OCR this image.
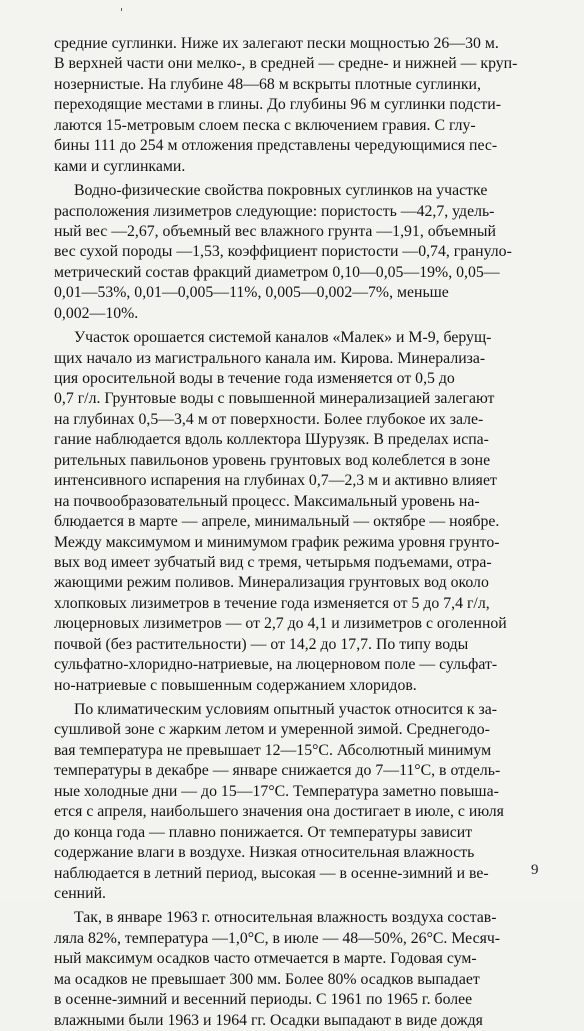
'
средние суглинки. Ниже их залегают пески мощностью 26—30 м.
В верхней части они мелко-, в средней — средне- и нижней — круп-
нозернистые. На глубине 48—68 м вскрыты плотные суглинки,
переходящие местами в глины. До глубины 96 м суглинки подсти-
лаются 15-метровым слоем песка с включением гравия. С глу-
бины 111 до 254 м отложения представлены чередующимися пес-
ками и суглинками.
Водно-физические свойства покровных суглинков на участке
расположения лизиметров следующие: пористость —42,7, удель-
ный вес —2,67, объемный вес влажного грунта —1,91, объемный
вес сухой породы —1,53, коэффициент пористости —0,74, грануло-
метрический состав фракций диаметром 0,10—0,05—19%, 0,05—
0,01—53%, 0,01—0,005—11%, 0,005—0,002—7%, меньше
0,002—10%.
Участок орошается системой каналов «Малек» и М-9, берущ-
щих начало из магистрального канала им. Кирова. Минерализа-
ция оросительной воды в течение года изменяется от 0,5 до
0,7 г/л. Грунтовые воды с повышенной минерализацией залегают
на глубинах 0,5—3,4 м от поверхности. Более глубокое их зале-
гание наблюдается вдоль коллектора Шурузяк. В пределах испа-
рительных павильонов уровень грунтовых вод колеблется в зоне
интенсивного испарения на глубинах 0,7—2,3 м и активно влияет
на почвообразовательный процесс. Максимальный уровень на-
блюдается в марте — апреле, минимальный — октябре — ноябре.
Между максимумом и минимумом график режима уровня грунто-
вых вод имеет зубчатый вид с тремя, четырьмя подъемами, отра-
жающими режим поливов. Минерализация грунтовых вод около
хлопковых лизиметров в течение года изменяется от 5 до 7,4 г/л,
люцерновых лизиметров — от 2,7 до 4,1 и лизиметров с оголенной
почвой (без растительности) — от 14,2 до 17,7. По типу воды
сульфатно-хлоридно-натриевые, на люцерновом поле — сульфат-
но-натриевые с повышенным содержанием хлоридов.
По климатическим условиям опытный участок относится к за-
сушливой зоне с жарким летом и умеренной зимой. Среднегодо-
вая температура не превышает 12—15°С. Абсолютный минимум
температуры в декабре — январе снижается до 7—11°С, в отдель-
ные холодные дни — до 15—17°С. Температура заметно повыша-
ется с апреля, наибольшего значения она достигает в июле, с июля
до конца года — плавно понижается. От температуры зависит
содержание влаги в воздухе. Низкая относительная влажность
наблюдается в летний период, высокая — в осенне-зимний и ве-
сенний.
Так, в январе 1963 г. относительная влажность воздуха состав-
ляла 82%, температура —1,0°С, в июле — 48—50%, 26°С. Месяч-
ный максимум осадков часто отмечается в марте. Годовая сум-
ма осадков не превышает 300 мм. Более 80% осадков выпадает
в осенне-зимний и весенний периоды. С 1961 по 1965 г. более
влажными были 1963 и 1964 гг. Осадки выпадают в виде дождя
9
